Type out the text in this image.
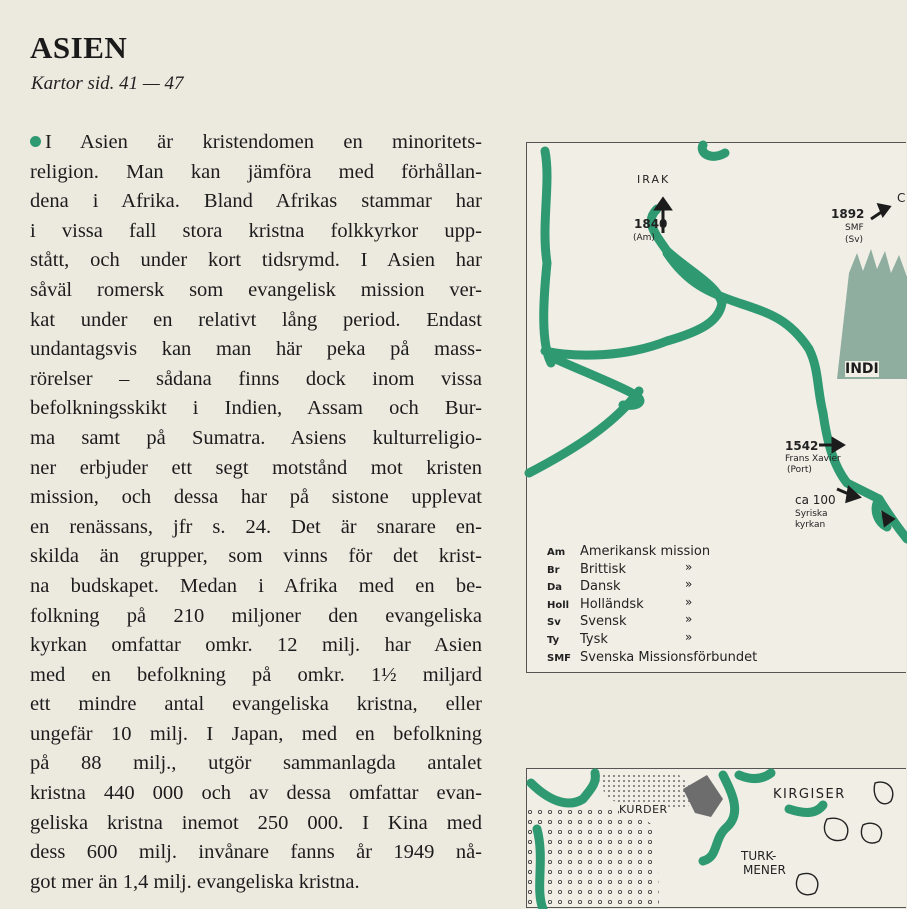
ASIEN
Kartor sid. 41 — 47
I Asien är kristendomen en minoritets-
religion. Man kan jämföra med förhållan-
dena i Afrika. Bland Afrikas stammar har
i vissa fall stora kristna folkkyrkor upp-
stått, och under kort tidsrymd. I Asien har
såväl romersk som evangelisk mission ver-
kat under en relativt lång period. Endast
undantagsvis kan man här peka på mass-
rörelser – sådana finns dock inom vissa
befolkningsskikt i Indien, Assam och Bur-
ma samt på Sumatra. Asiens kulturreligio-
ner erbjuder ett segt motstånd mot kristen
mission, och dessa har på sistone upplevat
en renässans, jfr s. 24. Det är snarare en-
skilda än grupper, som vinns för det krist-
na budskapet. Medan i Afrika med en be-
folkning på 210 miljoner den evangeliska
kyrkan omfattar omkr. 12 milj. har Asien
med en befolkning på omkr. 1½ miljard
ett mindre antal evangeliska kristna, eller
ungefär 10 milj. I Japan, med en befolkning
på 88 milj., utgör sammanlagda antalet
kristna 440 000 och av dessa omfattar evan-
geliska kristna inemot 250 000. I Kina med
dess 600 milj. invånare fanns år 1949 nå-
got mer än 1,4 milj. evangeliska kristna.
IRAK
1840
(Am)
1892
SMF
(Sv)
C
INDI
1542
Frans Xavier
(Port)
ca 100
Syriska
kyrkan
Am Amerikansk mission
Br Brittisk	»
Da Dansk	»
Holl Holländsk	»
Sv Svensk	»
Ty Tysk	»
SMF Svenska Missionsförbundet
KURDER
KIRGISER
TURK-
MENER
